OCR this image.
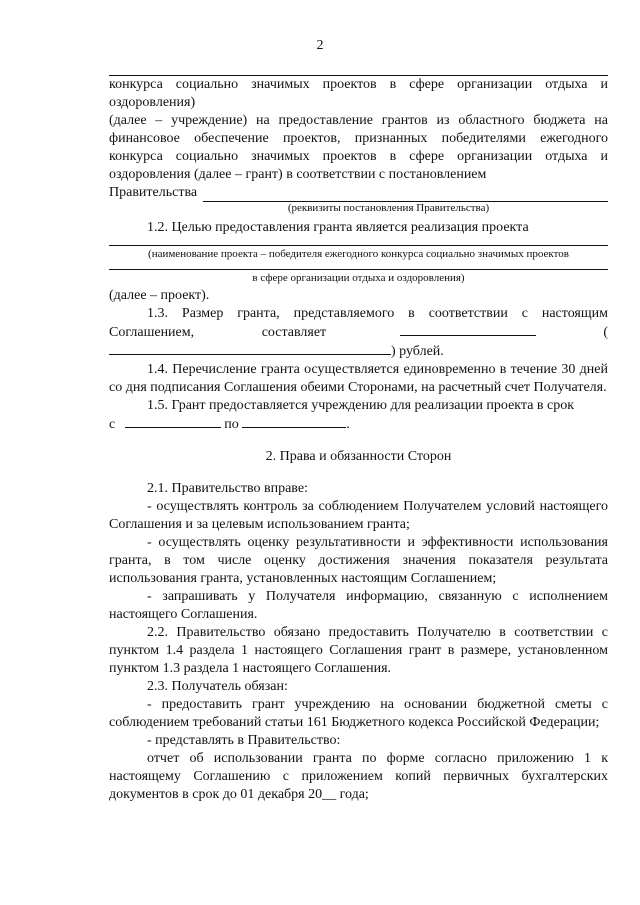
2

конкурса социально значимых проектов в сфере организации отдыха и оздоровления)

(далее – учреждение) на предоставление грантов из областного бюджета на финансовое обеспечение проектов, признанных победителями ежегодного конкурса социально значимых проектов в сфере организации отдыха и оздоровления (далее – грант) в соответствии с постановлением

Правительства

(реквизиты постановления Правительства)

1.2. Целью предоставления гранта является реализация проекта

(наименование проекта – победителя ежегодного конкурса социально значимых проектов

в сфере организации отдыха и оздоровления)

(далее – проект).

1.3. Размер гранта, представляемого в соответствии с настоящим Соглашением, составляет	() рублей.

1.4. Перечисление гранта осуществляется единовременно в течение 30 дней со дня подписания Соглашения обеими Сторонами, на расчетный счет Получателя.

1.5. Грант предоставляется учреждению для реализации проекта в срок

с	по	.

2. Права и обязанности Сторон

2.1. Правительство вправе:

- осуществлять контроль за соблюдением Получателем условий настоящего Соглашения и за целевым использованием гранта;

- осуществлять оценку результативности и эффективности использования гранта, в том числе оценку достижения значения показателя результата использования гранта, установленных настоящим Соглашением;

- запрашивать у Получателя информацию, связанную с исполнением настоящего Соглашения.

2.2. Правительство обязано предоставить Получателю в соответствии с пунктом 1.4 раздела 1 настоящего Соглашения грант в размере, установленном пунктом 1.3 раздела 1 настоящего Соглашения.

2.3. Получатель обязан:

- предоставить грант учреждению на основании бюджетной сметы с соблюдением требований статьи 161 Бюджетного кодекса Российской Федерации;

- представлять в Правительство:

отчет об использовании гранта по форме согласно приложению 1 к настоящему Соглашению с приложением копий первичных бухгалтерских документов в срок до 01 декабря 20__ года;
